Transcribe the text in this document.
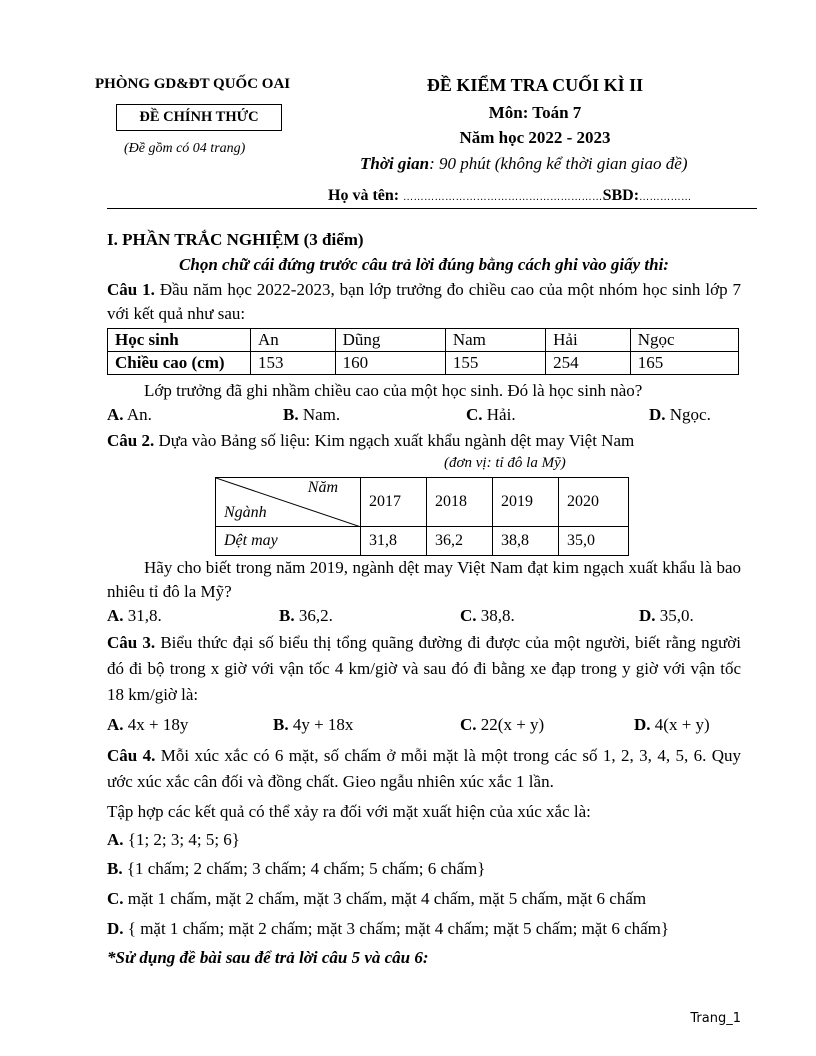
PHÒNG GD&ĐT QUỐC OAI
ĐỀ CHÍNH THỨC
(Đề gồm có 04 trang)
ĐỀ KIỂM TRA CUỐI KÌ II
Môn: Toán 7
Năm học 2022 - 2023
Thời gian: 90 phút (không kể thời gian giao đề)
Họ và tên: …………………………………………………SBD:……………
I. PHẦN TRẮC NGHIỆM (3 điểm)
Chọn chữ cái đứng trước câu trả lời đúng bằng cách ghi vào giấy thi:
Câu 1. Đầu năm học 2022-2023, bạn lớp trưởng đo chiều cao của một nhóm học sinh lớp 7 với kết quả như sau:
Học sinh	An	Dũng	Nam	Hải	Ngọc
Chiều cao (cm)	153	160	155	254	165
Lớp trưởng đã ghi nhầm chiều cao của một học sinh. Đó là học sinh nào?
A. An.	B. Nam.	C. Hải.	D. Ngọc.
Câu 2. Dựa vào Bảng số liệu: Kim ngạch xuất khẩu ngành dệt may Việt Nam
(đơn vị: tỉ đô la Mỹ)
Năm
Ngành	2017	2018	2019	2020
Dệt may	31,8	36,2	38,8	35,0
Hãy cho biết trong năm 2019, ngành dệt may Việt Nam đạt kim ngạch xuất khẩu là bao nhiêu tỉ đô la Mỹ?
A. 31,8.	B. 36,2.	C. 38,8.	D. 35,0.
Câu 3. Biểu thức đại số biểu thị tổng quãng đường đi được của một người, biết rằng người đó đi bộ trong x giờ với vận tốc 4 km/giờ và sau đó đi bằng xe đạp trong y giờ với vận tốc 18 km/giờ là:
A. 4x + 18y	B. 4y + 18x	C. 22(x + y)	D. 4(x + y)
Câu 4. Mỗi xúc xắc có 6 mặt, số chấm ở mỗi mặt là một trong các số 1, 2, 3, 4, 5, 6. Quy ước xúc xắc cân đối và đồng chất. Gieo ngẫu nhiên xúc xắc 1 lần.
Tập hợp các kết quả có thể xảy ra đối với mặt xuất hiện của xúc xắc là:
A. {1; 2; 3; 4; 5; 6}
B. {1 chấm; 2 chấm; 3 chấm; 4 chấm; 5 chấm; 6 chấm}
C. mặt 1 chấm, mặt 2 chấm, mặt 3 chấm, mặt 4 chấm, mặt 5 chấm, mặt 6 chấm
D. { mặt 1 chấm; mặt 2 chấm; mặt 3 chấm; mặt 4 chấm; mặt 5 chấm; mặt 6 chấm}
*Sử dụng đề bài sau để trả lời câu 5 và câu 6:
Trang_1
